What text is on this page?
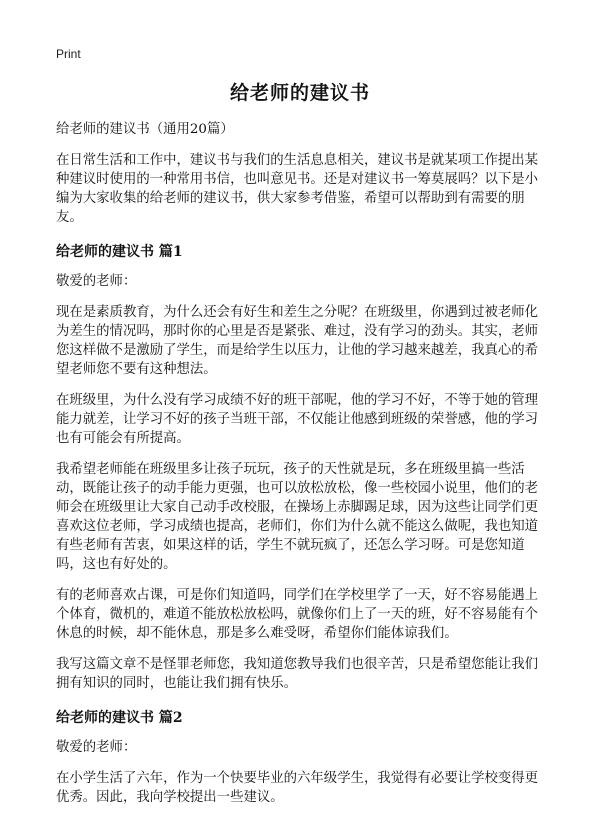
Print
给老师的建议书

给老师的建议书（通用20篇）

在日常生活和工作中，建议书与我们的生活息息相关，建议书是就某项工作提出某种建议时使用的一种常用书信，也叫意见书。还是对建议书一筹莫展吗？以下是小编为大家收集的给老师的建议书，供大家参考借鉴，希望可以帮助到有需要的朋友。

给老师的建议书 篇1

敬爱的老师：

现在是素质教育，为什么还会有好生和差生之分呢？在班级里，你遇到过被老师化为差生的情况吗，那时你的心里是否是紧张、难过，没有学习的劲头。其实，老师您这样做不是激励了学生，而是给学生以压力，让他的学习越来越差，我真心的希望老师您不要有这种想法。

在班级里，为什么没有学习成绩不好的班干部呢，他的学习不好，不等于她的管理能力就差，让学习不好的孩子当班干部，不仅能让他感到班级的荣誉感，他的学习也有可能会有所提高。

我希望老师能在班级里多让孩子玩玩，孩子的天性就是玩，多在班级里搞一些活动，既能让孩子的动手能力更强，也可以放松放松，像一些校园小说里，他们的老师会在班级里让大家自己动手改校服，在操场上赤脚踢足球，因为这些让同学们更喜欢这位老师，学习成绩也提高，老师们，你们为什么就不能这么做呢，我也知道有些老师有苦衷，如果这样的话，学生不就玩疯了，还怎么学习呀。可是您知道吗，这也有好处的。

有的老师喜欢占课，可是你们知道吗，同学们在学校里学了一天，好不容易能遇上个体育，微机的，难道不能放松放松吗，就像你们上了一天的班，好不容易能有个休息的时候，却不能休息，那是多么难受呀，希望你们能体谅我们。

我写这篇文章不是怪罪老师您，我知道您教导我们也很辛苦，只是希望您能让我们拥有知识的同时，也能让我们拥有快乐。

给老师的建议书 篇2

敬爱的老师：

在小学生活了六年，作为一个快要毕业的六年级学生，我觉得有必要让学校变得更优秀。因此，我向学校提出一些建议。
